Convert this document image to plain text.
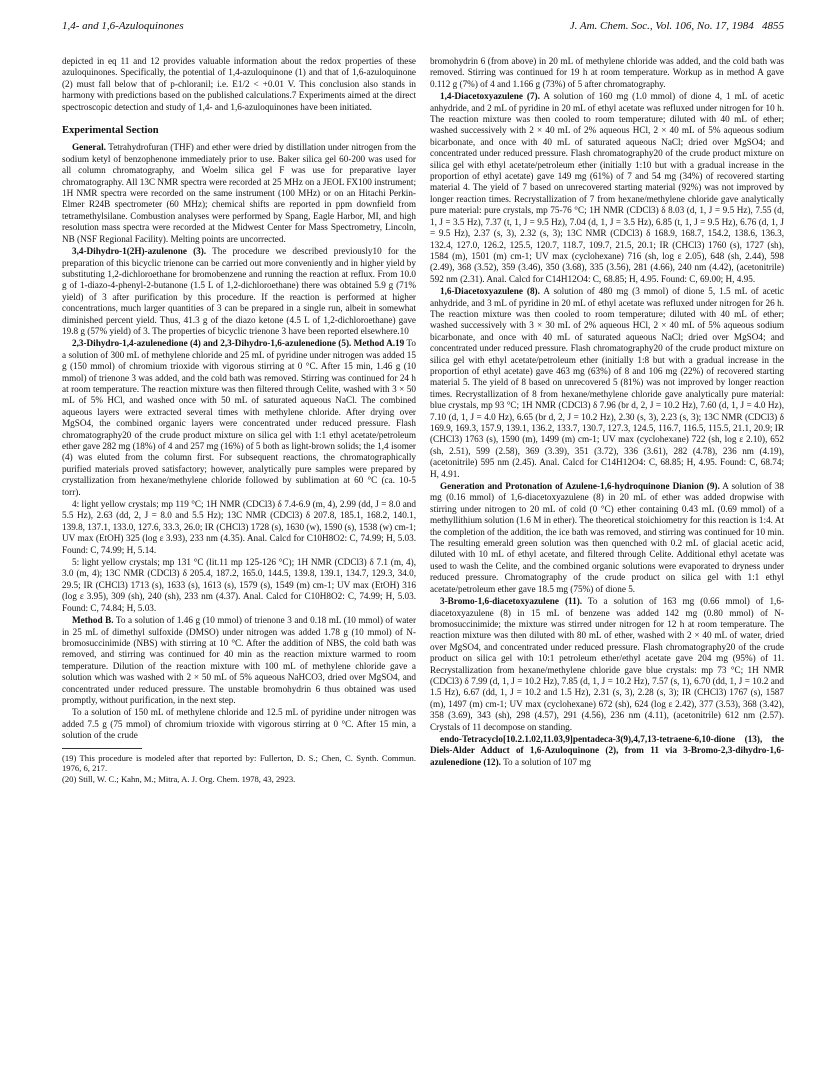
1,4- and 1,6-Azuloquinones	J. Am. Chem. Soc., Vol. 106, No. 17, 1984 4855

depicted in eq 11 and 12 provides valuable information about the redox properties of these azuloquinones. Specifically, the potential of 1,4-azuloquinone (1) and that of 1,6-azuloquinone (2) must fall below that of p-chloranil; i.e. E1/2 < +0.01 V. This conclusion also stands in harmony with predictions based on the published calculations.7 Experiments aimed at the direct spectroscopic detection and study of 1,4- and 1,6-azuloquinones have been initiated.

Experimental Section

General. Tetrahydrofuran (THF) and ether were dried by distillation under nitrogen from the sodium ketyl of benzophenone immediately prior to use. Baker silica gel 60-200 was used for all column chromatography, and Woelm silica gel F was use for preparative layer chromatography. All 13C NMR spectra were recorded at 25 MHz on a JEOL FX100 instrument; 1H NMR spectra were recorded on the same instrument (100 MHz) or on an Hitachi Perkin-Elmer R24B spectrometer (60 MHz); chemical shifts are reported in ppm downfield from tetramethylsilane. Combustion analyses were performed by Spang, Eagle Harbor, MI, and high resolution mass spectra were recorded at the Midwest Center for Mass Spectrometry, Lincoln, NB (NSF Regional Facility). Melting points are uncorrected.

3,4-Dihydro-1(2H)-azulenone (3). The procedure we described previously10 for the preparation of this bicyclic trienone can be carried out more conveniently and in higher yield by substituting 1,2-dichloroethane for bromobenzene and running the reaction at reflux. From 10.0 g of 1-diazo-4-phenyl-2-butanone (1.5 L of 1,2-dichloroethane) there was obtained 5.9 g (71% yield) of 3 after purification by this procedure. If the reaction is performed at higher concentrations, much larger quantities of 3 can be prepared in a single run, albeit in somewhat diminished percent yield. Thus, 41.3 g of the diazo ketone (4.5 L of 1,2-dichloroethane) gave 19.8 g (57% yield) of 3. The properties of bicyclic trienone 3 have been reported elsewhere.10

2,3-Dihydro-1,4-azulenedione (4) and 2,3-Dihydro-1,6-azulenedione (5). Method A.19 To a solution of 300 mL of methylene chloride and 25 mL of pyridine under nitrogen was added 15 g (150 mmol) of chromium trioxide with vigorous stirring at 0 °C. After 15 min, 1.46 g (10 mmol) of trienone 3 was added, and the cold bath was removed. Stirring was continued for 24 h at room temperature. The reaction mixture was then filtered through Celite, washed with 3 × 50 mL of 5% HCl, and washed once with 50 mL of saturated aqueous NaCl. The combined aqueous layers were extracted several times with methylene chloride. After drying over MgSO4, the combined organic layers were concentrated under reduced pressure. Flash chromatography20 of the crude product mixture on silica gel with 1:1 ethyl acetate/petroleum ether gave 282 mg (18%) of 4 and 257 mg (16%) of 5 both as light-brown solids; the 1,4 isomer (4) was eluted from the column first. For subsequent reactions, the chromatographically purified materials proved satisfactory; however, analytically pure samples were prepared by crystallization from hexane/methylene chloride followed by sublimation at 60 °C (ca. 10-5 torr).

4: light yellow crystals; mp 119 °C; 1H NMR (CDCl3) δ 7.4-6.9 (m, 4), 2.99 (dd, J = 8.0 and 5.5 Hz), 2.63 (dd, 2, J = 8.0 and 5.5 Hz); 13C NMR (CDCl3) δ 207.8, 185.1, 168.2, 140.1, 139.8, 137.1, 133.0, 127.6, 33.3, 26.0; IR (CHCl3) 1728 (s), 1630 (w), 1590 (s), 1538 (w) cm-1; UV max (EtOH) 325 (log ε 3.93), 233 nm (4.35). Anal. Calcd for C10H8O2: C, 74.99; H, 5.03. Found: C, 74.99; H, 5.14.

5: light yellow crystals; mp 131 °C (lit.11 mp 125-126 °C); 1H NMR (CDCl3) δ 7.1 (m, 4), 3.0 (m, 4); 13C NMR (CDCl3) δ 205.4, 187.2, 165.0, 144.5, 139.8, 139.1, 134.7, 129.3, 34.0, 29.5; IR (CHCl3) 1713 (s), 1633 (s), 1613 (s), 1579 (s), 1549 (m) cm-1; UV max (EtOH) 316 (log ε 3.95), 309 (sh), 240 (sh), 233 nm (4.37). Anal. Calcd for C10H8O2: C, 74.99; H, 5.03. Found: C, 74.84; H, 5.03.

Method B. To a solution of 1.46 g (10 mmol) of trienone 3 and 0.18 mL (10 mmol) of water in 25 mL of dimethyl sulfoxide (DMSO) under nitrogen was added 1.78 g (10 mmol) of N-bromosuccinimide (NBS) with stirring at 10 °C. After the addition of NBS, the cold bath was removed, and stirring was continued for 40 min as the reaction mixture warmed to room temperature. Dilution of the reaction mixture with 100 mL of methylene chloride gave a solution which was washed with 2 × 50 mL of 5% aqueous NaHCO3, dried over MgSO4, and concentrated under reduced pressure. The unstable bromohydrin 6 thus obtained was used promptly, without purification, in the next step.

To a solution of 150 mL of methylene chloride and 12.5 mL of pyridine under nitrogen was added 7.5 g (75 mmol) of chromium trioxide with vigorous stirring at 0 °C. After 15 min, a solution of the crude

(19) This procedure is modeled after that reported by: Fullerton, D. S.; Chen, C. Synth. Commun. 1976, 6, 217.
(20) Still, W. C.; Kahn, M.; Mitra, A. J. Org. Chem. 1978, 43, 2923.

bromohydrin 6 (from above) in 20 mL of methylene chloride was added, and the cold bath was removed. Stirring was continued for 19 h at room temperature. Workup as in method A gave 0.112 g (7%) of 4 and 1.166 g (73%) of 5 after chromatography.

1,4-Diacetoxyazulene (7). A solution of 160 mg (1.0 mmol) of dione 4, 1 mL of acetic anhydride, and 2 mL of pyridine in 20 mL of ethyl acetate was refluxed under nitrogen for 10 h. The reaction mixture was then cooled to room temperature; diluted with 40 mL of ether; washed successively with 2 × 40 mL of 2% aqueous HCl, 2 × 40 mL of 5% aqueous sodium bicarbonate, and once with 40 mL of saturated aqueous NaCl; dried over MgSO4; and concentrated under reduced pressure. Flash chromatography20 of the crude product mixture on silica gel with ethyl acetate/petroleum ether (initially 1:10 but with a gradual increase in the proportion of ethyl acetate) gave 149 mg (61%) of 7 and 54 mg (34%) of recovered starting material 4. The yield of 7 based on unrecovered starting material (92%) was not improved by longer reaction times. Recrystallization of 7 from hexane/methylene chloride gave analytically pure material: pure crystals, mp 75-76 °C; 1H NMR (CDCl3) δ 8.03 (d, 1, J = 9.5 Hz), 7.55 (d, 1, J = 3.5 Hz), 7.37 (t, 1, J = 9.5 Hz), 7.04 (d, 1, J = 3.5 Hz), 6.85 (t, 1, J = 9.5 Hz), 6.76 (d, 1, J = 9.5 Hz), 2.37 (s, 3), 2.32 (s, 3); 13C NMR (CDCl3) δ 168.9, 168.7, 154.2, 138.6, 136.3, 132.4, 127.0, 126.2, 125.5, 120.7, 118.7, 109.7, 21.5, 20.1; IR (CHCl3) 1760 (s), 1727 (sh), 1584 (m), 1501 (m) cm-1; UV max (cyclohexane) 716 (sh, log ε 2.05), 648 (sh, 2.44), 598 (2.49), 368 (3.52), 359 (3.46), 350 (3.68), 335 (3.56), 281 (4.66), 240 nm (4.42), (acetonitrile) 592 nm (2.31). Anal. Calcd for C14H12O4: C, 68.85; H, 4.95. Found: C, 69.00; H, 4.95.

1,6-Diacetoxyazulene (8). A solution of 480 mg (3 mmol) of dione 5, 1.5 mL of acetic anhydride, and 3 mL of pyridine in 20 mL of ethyl acetate was refluxed under nitrogen for 26 h. The reaction mixture was then cooled to room temperature; diluted with 40 mL of ether; washed successively with 3 × 30 mL of 2% aqueous HCl, 2 × 40 mL of 5% aqueous sodium bicarbonate, and once with 40 mL of saturated aqueous NaCl; dried over MgSO4; and concentrated under reduced pressure. Flash chromatography20 of the crude product mixture on silica gel with ethyl acetate/petroleum ether (initially 1:8 but with a gradual increase in the proportion of ethyl acetate) gave 463 mg (63%) of 8 and 106 mg (22%) of recovered starting material 5. The yield of 8 based on unrecovered 5 (81%) was not improved by longer reaction times. Recrystallization of 8 from hexane/methylene chloride gave analytically pure material: blue crystals, mp 93 °C; 1H NMR (CDCl3) δ 7.96 (br d, 2, J = 10.2 Hz), 7.60 (d, 1, J = 4.0 Hz), 7.10 (d, 1, J = 4.0 Hz), 6.65 (br d, 2, J = 10.2 Hz), 2.30 (s, 3), 2.23 (s, 3); 13C NMR (CDCl3) δ 169.9, 169.3, 157.9, 139.1, 136.2, 133.7, 130.7, 127.3, 124.5, 116.7, 116.5, 115.5, 21.1, 20.9; IR (CHCl3) 1763 (s), 1590 (m), 1499 (m) cm-1; UV max (cyclohexane) 722 (sh, log ε 2.10), 652 (sh, 2.51), 599 (2.58), 369 (3.39), 351 (3.72), 336 (3.61), 282 (4.78), 236 nm (4.19), (acetonitrile) 595 nm (2.45). Anal. Calcd for C14H12O4: C, 68.85; H, 4.95. Found: C, 68.74; H, 4.91.

Generation and Protonation of Azulene-1,6-hydroquinone Dianion (9). A solution of 38 mg (0.16 mmol) of 1,6-diacetoxyazulene (8) in 20 mL of ether was added dropwise with stirring under nitrogen to 20 mL of cold (0 °C) ether containing 0.43 mL (0.69 mmol) of a methyllithium solution (1.6 M in ether). The theoretical stoichiometry for this reaction is 1:4. At the completion of the addition, the ice bath was removed, and stirring was continued for 10 min. The resulting emerald green solution was then quenched with 0.2 mL of glacial acetic acid, diluted with 10 mL of ethyl acetate, and filtered through Celite. Additional ethyl acetate was used to wash the Celite, and the combined organic solutions were evaporated to dryness under reduced pressure. Chromatography of the crude product on silica gel with 1:1 ethyl acetate/petroleum ether gave 18.5 mg (75%) of dione 5.

3-Bromo-1,6-diacetoxyazulene (11). To a solution of 163 mg (0.66 mmol) of 1,6-diacetoxyazulene (8) in 15 mL of benzene was added 142 mg (0.80 mmol) of N-bromosuccinimide; the mixture was stirred under nitrogen for 12 h at room temperature. The reaction mixture was then diluted with 80 mL of ether, washed with 2 × 40 mL of water, dried over MgSO4, and concentrated under reduced pressure. Flash chromatography20 of the crude product on silica gel with 10:1 petroleum ether/ethyl acetate gave 204 mg (95%) of 11. Recrystallization from hexane/methylene chloride gave blue crystals: mp 73 °C; 1H NMR (CDCl3) δ 7.99 (d, 1, J = 10.2 Hz), 7.85 (d, 1, J = 10.2 Hz), 7.57 (s, 1), 6.70 (dd, 1, J = 10.2 and 1.5 Hz), 6.67 (dd, 1, J = 10.2 and 1.5 Hz), 2.31 (s, 3), 2.28 (s, 3); IR (CHCl3) 1767 (s), 1587 (m), 1497 (m) cm-1; UV max (cyclohexane) 672 (sh), 624 (log ε 2.42), 377 (3.53), 368 (3.42), 358 (3.69), 343 (sh), 298 (4.57), 291 (4.56), 236 nm (4.11), (acetonitrile) 612 nm (2.57). Crystals of 11 decompose on standing.

endo-Tetracyclo[10.2.1.02,11.03,9]pentadeca-3(9),4,7,13-tetraene-6,10-dione (13), the Diels-Alder Adduct of 1,6-Azuloquinone (2), from 11 via 3-Bromo-2,3-dihydro-1,6-azulenedione (12). To a solution of 107 mg
